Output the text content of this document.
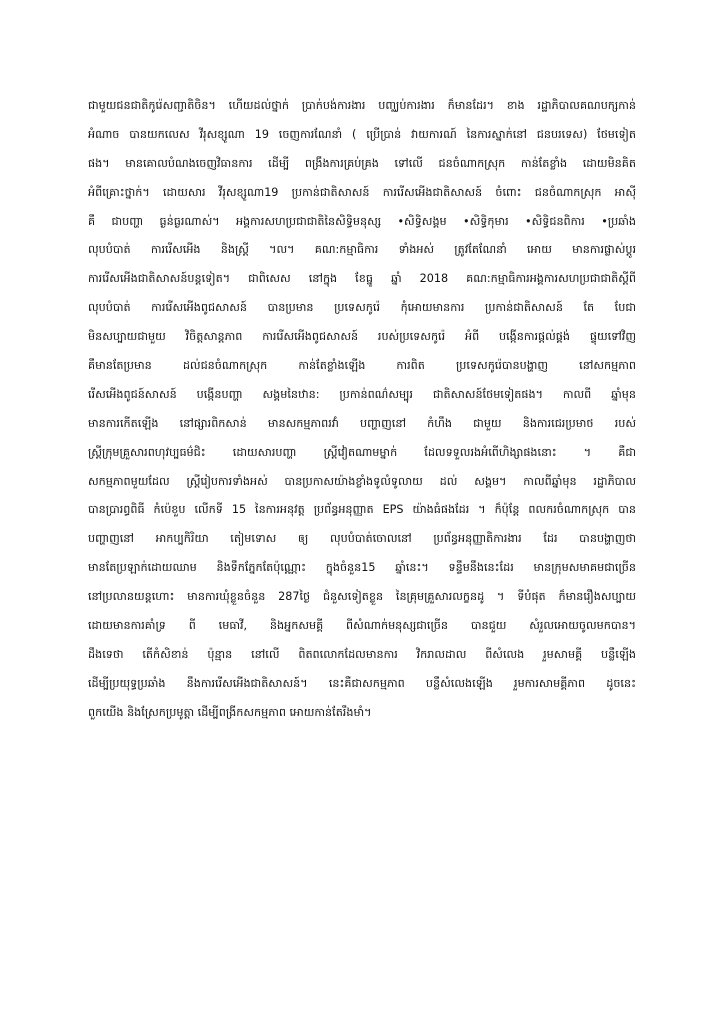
ជាមួយជនជាតិកូរ៉េសញ្ជាតិចិន។ ហើយដល់ថ្នាក់ ប្រាក់បង់ការងារ បញ្ឈប់ការងារ ក៏មានដែរ។ ខាង រដ្ឋាភិបាលគណបក្សកាន់
អំណាច បានយកលេស វីរុសខ្សូណា 19 ចេញការណែនាំ ( ប្រើប្រាន់ វាយការណ៍ នៃការស្នាក់នៅ ជនបរទេស) ថែមទៀត
ផង។ មានគោលបំណងចេញវិធានការ ដើម្បី ពង្រឹងការគ្រប់គ្រង ទៅលើ ជនចំណាកស្រុក កាន់តែខ្លាំង ដោយមិនគិត
អំពីគ្រោះថ្នាក់។ ដោយសារ វីរុសខ្សូណា19 ប្រកាន់ជាតិសាសន៍ ការរើសអើងជាតិសាសន៍ ចំពោះ ជនចំណាកស្រុក អាស៊ី
គឺ ជាបញ្ហា ធ្ងន់ធ្ងរណាស់។ អង្គការសហប្រជាជាតិនៃសិទ្ធិមនុស្ស •សិទ្ធិសង្គម •សិទ្ធិកុមារ •សិទ្ធិជនពិការ •ប្រឆាំង
លុបបំបាត់ ការរើសអើង និងស្ត្រី ។ល។ គណ:កម្មាធិការ ទាំងអស់ ត្រូវតែណែនាំ អោយ មានការផ្លាស់ប្តូរ
ការរើសអើងជាតិសាសន៍បន្តទៀត។ ជាពិសេស នៅក្នុង ខែធ្នូ ឆ្នាំ 2018 គណ:កម្មាធិការអង្គការសហប្រជាជាតិស្តីពី
លុបបំបាត់ ការរើសអើងពូជសាសន៍ បានប្រមាន ប្រទេសកូរ៉េ កុំអោយមានការ ប្រកាន់ជាតិសាសន៍ តែ បែជា
មិនសប្បាយជាមួយ វិចិត្តសាន្តភាព ការរើសអើងពូជសាសន៍ របស់ប្រទេសកូរ៉េ អំពី បង្កើនការផ្តល់ផ្គង់ ផ្ទុយទៅវិញ
គឺមានតែប្រមាន ដល់ជនចំណាកស្រុក កាន់តែខ្លាំងឡើង ការពិត ប្រទេសកូរ៉េបានបង្ហាញ នៅសកម្មភាព
រើសអើងពូជន៍សាសន៍ បង្កើនបញ្ហា សង្គមនៃឋាន: ប្រកាន់ពណ៌សម្បុរ ជាតិសាសន៍ថែមទៀតផង។ កាលពី ឆ្នាំមុន
មានការកើតឡើង នៅផ្សារពិកសាន់ មានសកម្មភាពរវាំ បញ្ហាញនៅ កំហឹង ជាមួយ និងការជេរប្រមាថ របស់
ស្ត្រីក្រុមគ្រួសារពហុវប្បធម៌ជិះ ដោយសារបញ្ហា ស្ត្រីវៀតណាមម្នាក់ ដែលទទួលរងអំពើហិង្សាផងនោះ ។ គឺជា
សកម្មភាពមួយដែល ស្ត្រីរៀបការទាំងអស់ បានប្រកាសយ៉ាងខ្លាំងទូលំទូលាយ ដល់ សង្គម។ កាលពីឆ្នាំមុន រដ្ឋាភិបាល
បានប្រារព្ធពិធី កំប៉េខួប លើកទី 15 នៃការអនុវត្ត ប្រព័ន្ធអនុញ្ញាត EPS យ៉ាងធំផងដែរ ។ ក៏ប៉ុន្តែ ពលករចំណាកស្រុក បាន
បញ្ហាញនៅ អាកប្បកិរិយា តៀមទោស ឲ្យ លុបបំបាត់ចោលនៅ ប្រព័ន្ធអនុញ្ញាតិការងារ ដែរ បានបង្ហាញថា
មានតែប្រឡាក់ដោយឈាម និងទឹកភ្នែកតែប៉ុណ្ណោះ ក្នុងចំនួន15 ឆ្នាំនេះ។ ទន្ទឹមនឹងនេះដែរ មានក្រុមសមាគមជាច្រើន
នៅប្រលានយន្តហោះ មានការឃុំខ្លួនចំនួន 287ថ្ងៃ ជំនួសទៀតខ្លួន នៃគ្រុមគ្រួសារលក្ខនដូ ។ ទីបំផុត ក៏មានរឿងសប្បាយ
ដោយមានការគាំទ្រ ពី មេធាវី, និងអ្នកសមគ្គី ពីសំណាក់មនុស្សជាច្រើន បានជួយ សំរួលអោយចូលមកបាន។
ដឹងទេថា តើកំសិខាន់ ប៉ុន្មាន នៅលើ ពិតពលោកដែលមានការ វិករាលដាល ពីសំលេង រួមសាមគ្គី បន្លឺឡើង
ដើម្បីប្រយុទ្ធប្រឆាំង នឹងការរើសអើងជាតិសាសន៍។ នេះគឺជាសកម្មភាព បន្លឺសំលេងឡើង រួមការសាមគ្គីភាព ដូចនេះ
ពួកយើង និងស្រែកប្រមូត្តា ដើម្បីពង្រីកសកម្មភាព អោយកាន់តែរឹងមាំ។
